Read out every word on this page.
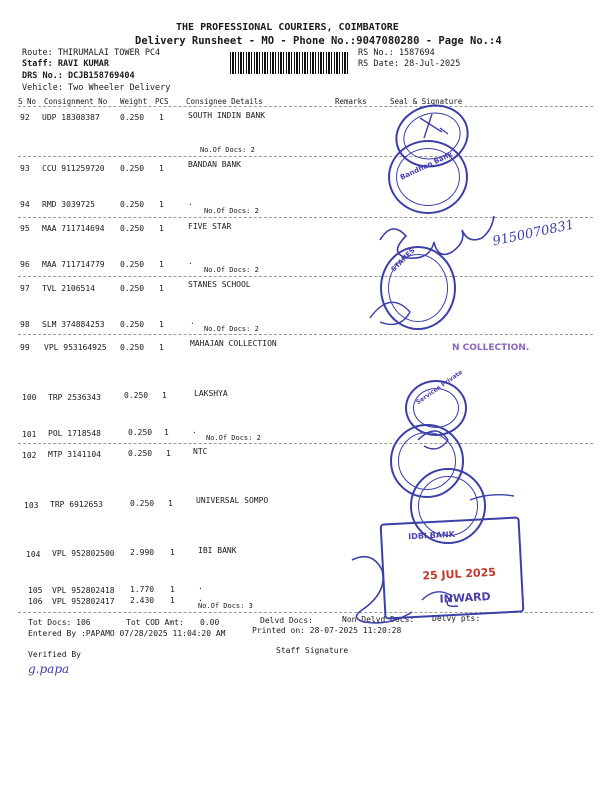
THE PROFESSIONAL COURIERS, COIMBATORE
Delivery Runsheet - MO - Phone No.:9047080280 - Page No.:4
Route: THIRUMALAI TOWER PC4
Staff: RAVI KUMAR
DRS No.: DCJB158769404
Vehicle: Two Wheeler Delivery
RS No.: 1587694
RS Date: 28-Jul-2025
S No Consignment No Weight PCS Consignee Details	Remarks	Seal & Signature
92 UDP 18308387	0.250 1	SOUTH INDIN BANK
No.Of Docs: 2
93 CCU 911259720 0.250 1	BANDAN BANK
94 RMD 3039725	0.250 1	.
No.Of Docs: 2
95 MAA 711714694 0.250 1	FIVE STAR
96 MAA 711714779 0.250 1	.
No.Of Docs: 2
97 TVL 2106514	0.250 1	STANES SCHOOL
98 SLM 374884253 0.250 1	.
No.Of Docs: 2
99 VPL 953164925 0.250 1	MAHAJAN COLLECTION
100 TRP 2536343	0.250 1	LAKSHYA
101 POL 1718548	0.250 1	.
No.Of Docs: 2
102 MTP 3141104	0.250 1	NTC
103 TRP 6912653	0.250 1	UNIVERSAL SOMPO
104 VPL 952802500 2.990 1	IBI BANK
105 VPL 952802418 1.770 1	.
106 VPL 952802417 2.430 1	.
No.Of Docs: 3
Tot Docs: 106	Tot COD Amt: 0.00	Delvd Docs:	Non Delvd Docs: Delvy pts:
Entered By :PAPAMO 07/28/2025 11:04:20 AM	Printed on: 28-07-2025 11:20:28
Staff Signature
Verified By
g.papa
Bandhan Bank
STANES
N COLLECTION.
Services Private
IDBI BANK
25 JUL 2025
INWARD
9150070831
